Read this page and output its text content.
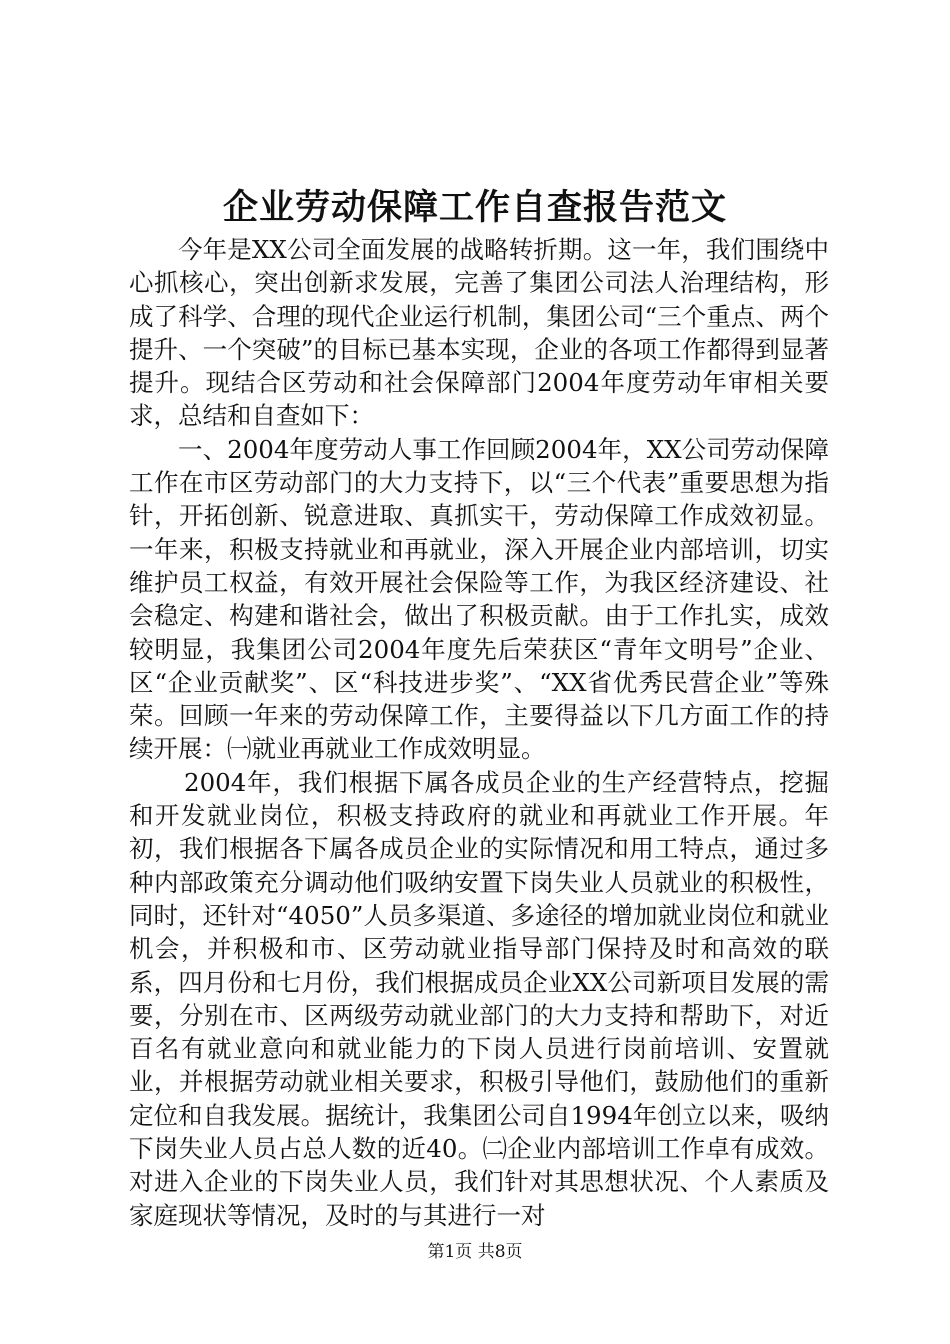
企业劳动保障工作自查报告范文

今年是XX公司全面发展的战略转折期。这一年，我们围绕中心抓核心，突出创新求发展，完善了集团公司法人治理结构，形成了科学、合理的现代企业运行机制，集团公司“三个重点、两个提升、一个突破”的目标已基本实现，企业的各项工作都得到显著提升。现结合区劳动和社会保障部门2004年度劳动年审相关要求，总结和自查如下：

一、2004年度劳动人事工作回顾2004年，XX公司劳动保障工作在市区劳动部门的大力支持下，以“三个代表”重要思想为指针，开拓创新、锐意进取、真抓实干，劳动保障工作成效初显。一年来，积极支持就业和再就业，深入开展企业内部培训，切实维护员工权益，有效开展社会保险等工作，为我区经济建设、社会稳定、构建和谐社会，做出了积极贡献。由于工作扎实，成效较明显，我集团公司2004年度先后荣获区“青年文明号”企业、区“企业贡献奖”、区“科技进步奖”、“XX省优秀民营企业”等殊荣。回顾一年来的劳动保障工作，主要得益以下几方面工作的持续开展：㈠就业再就业工作成效明显。

2004年，我们根据下属各成员企业的生产经营特点，挖掘和开发就业岗位，积极支持政府的就业和再就业工作开展。年初，我们根据各下属各成员企业的实际情况和用工特点，通过多种内部政策充分调动他们吸纳安置下岗失业人员就业的积极性，同时，还针对“4050”人员多渠道、多途径的增加就业岗位和就业机会，并积极和市、区劳动就业指导部门保持及时和高效的联系，四月份和七月份，我们根据成员企业XX公司新项目发展的需要，分别在市、区两级劳动就业部门的大力支持和帮助下，对近百名有就业意向和就业能力的下岗人员进行岗前培训、安置就业，并根据劳动就业相关要求，积极引导他们，鼓励他们的重新定位和自我发展。据统计，我集团公司自1994年创立以来，吸纳下岗失业人员占总人数的近40。㈡企业内部培训工作卓有成效。对进入企业的下岗失业人员，我们针对其思想状况、个人素质及家庭现状等情况，及时的与其进行一对

第1页 共8页
